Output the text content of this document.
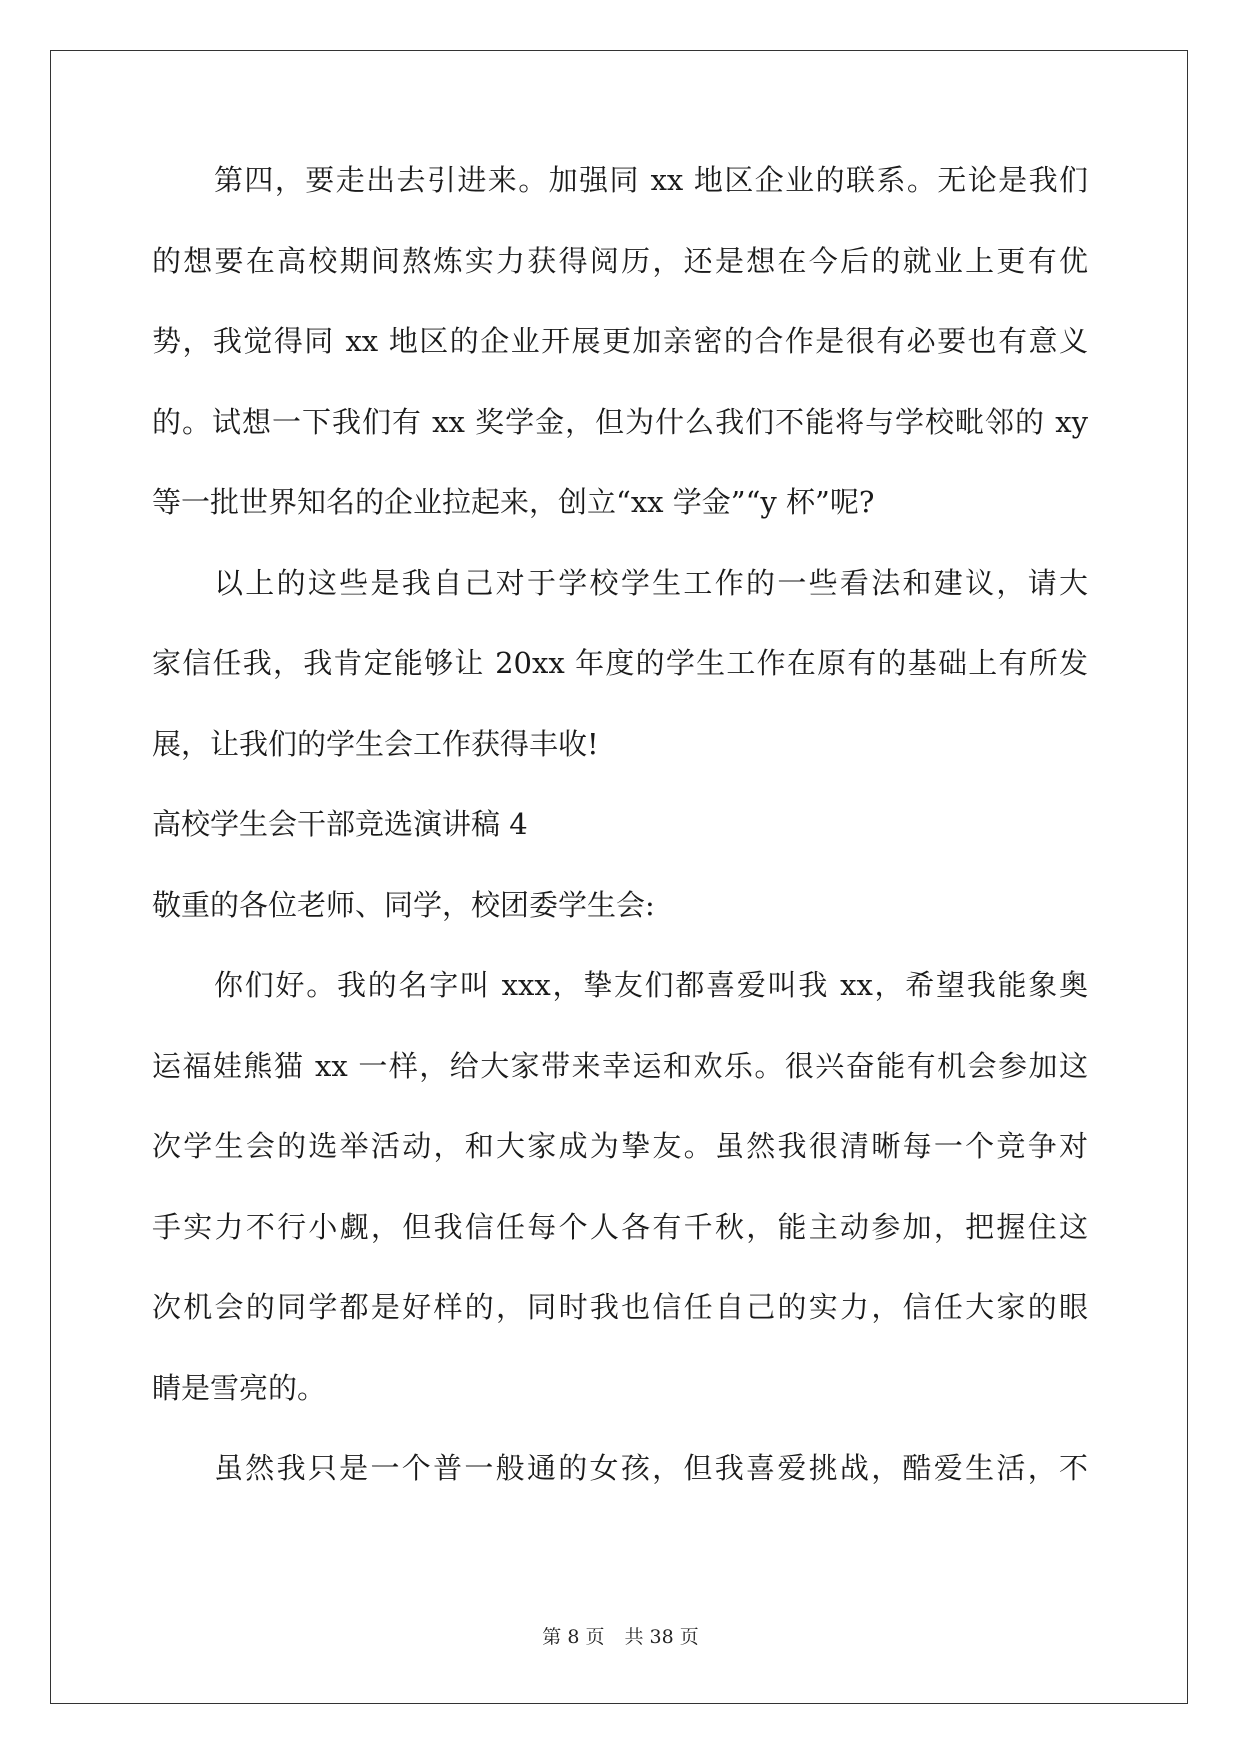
第四，要走出去引进来。加强同 xx 地区企业的联系。无论是我们
的想要在高校期间熬炼实力获得阅历，还是想在今后的就业上更有优
势，我觉得同 xx 地区的企业开展更加亲密的合作是很有必要也有意义
的。试想一下我们有 xx 奖学金，但为什么我们不能将与学校毗邻的 xy
等一批世界知名的企业拉起来，创立“xx 学金”“y 杯”呢?
以上的这些是我自己对于学校学生工作的一些看法和建议，请大
家信任我，我肯定能够让 20xx 年度的学生工作在原有的基础上有所发
展，让我们的学生会工作获得丰收!
高校学生会干部竞选演讲稿 4
敬重的各位老师、同学，校团委学生会:
你们好。我的名字叫 xxx，挚友们都喜爱叫我 xx，希望我能象奥
运福娃熊猫 xx 一样，给大家带来幸运和欢乐。很兴奋能有机会参加这
次学生会的选举活动，和大家成为挚友。虽然我很清晰每一个竞争对
手实力不行小觑，但我信任每个人各有千秋，能主动参加，把握住这
次机会的同学都是好样的，同时我也信任自己的实力，信任大家的眼
睛是雪亮的。
虽然我只是一个普一般通的女孩，但我喜爱挑战，酷爱生活，不
第 8 页 共 38 页
